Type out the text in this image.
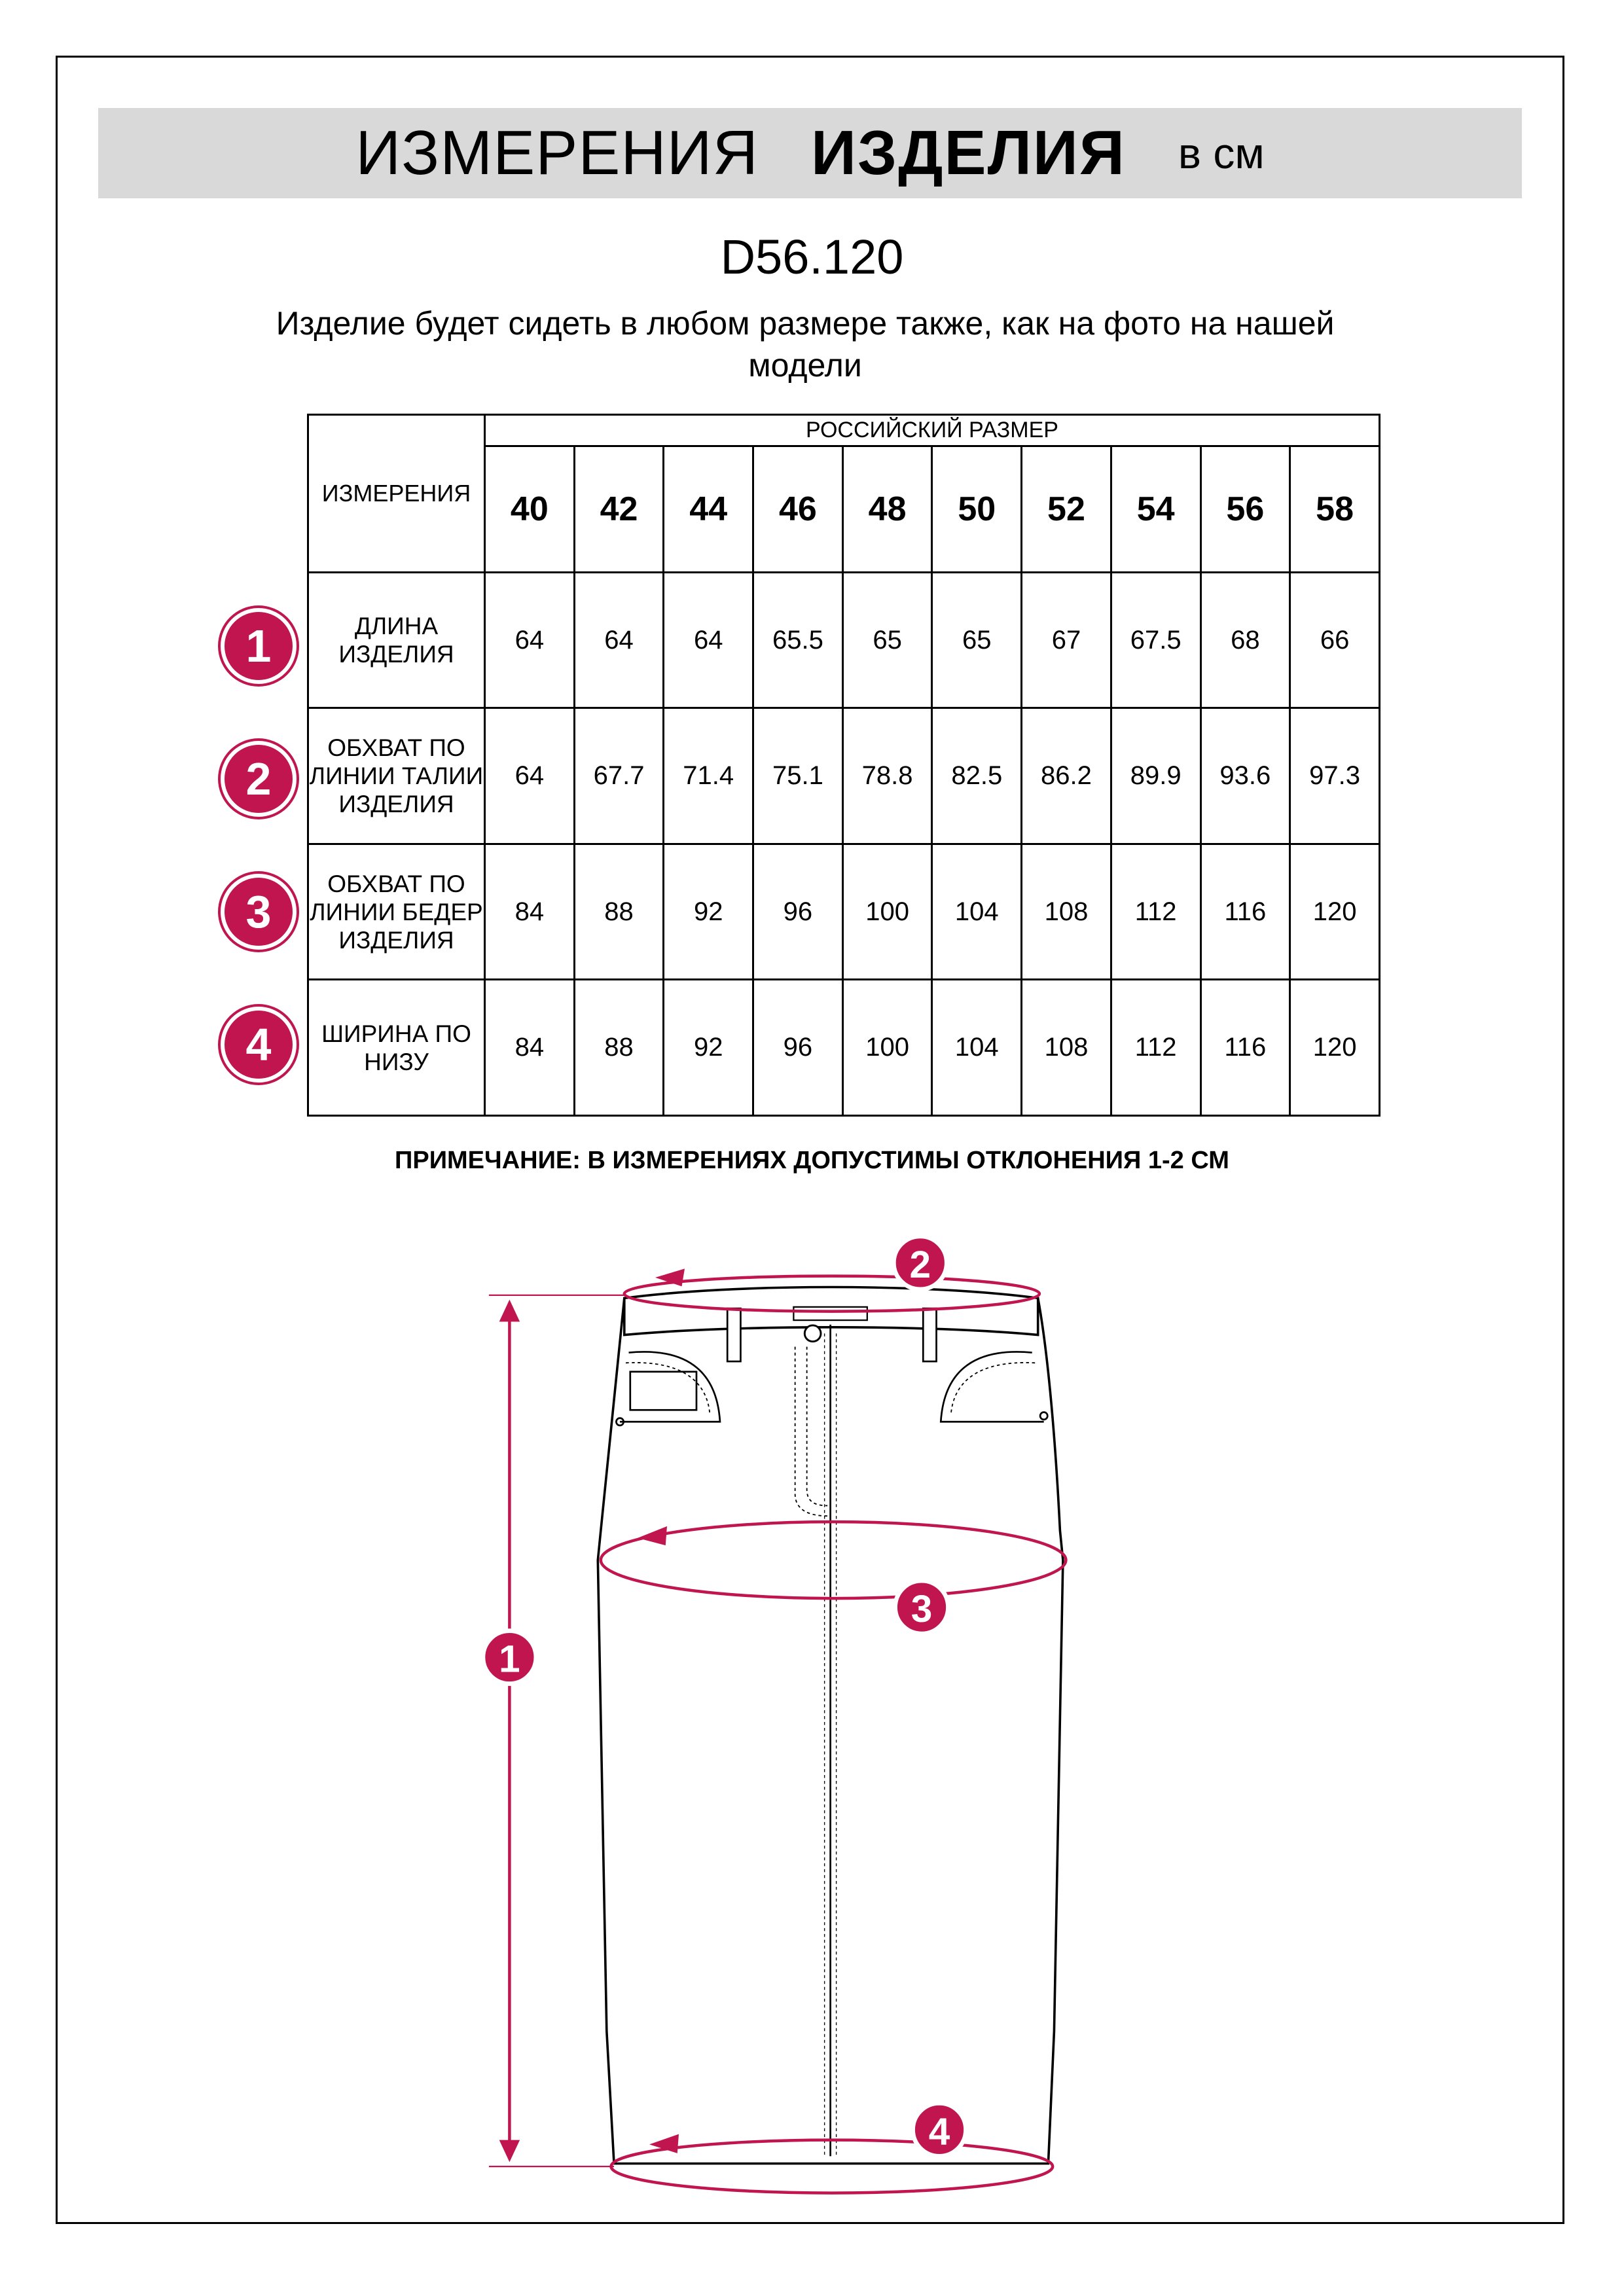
ИЗМЕРЕНИЯ ИЗДЕЛИЯ в см
D56.120
Изделие будет сидеть в любом размере также, как на фото на нашей модели
ИЗМЕРЕНИЯ	РОССИЙСКИЙ РАЗМЕР									
	40	42	44	46	48	50	52	54	56	58
ДЛИНА ИЗДЕЛИЯ	64	64	64	65.5	65	65	67	67.5	68	66
ОБХВАТ ПО ЛИНИИ ТАЛИИ ИЗДЕЛИЯ	64	67.7	71.4	75.1	78.8	82.5	86.2	89.9	93.6	97.3
ОБХВАТ ПО ЛИНИИ БЕДЕР ИЗДЕЛИЯ	84	88	92	96	100	104	108	112	116	120
ШИРИНА ПО НИЗУ	84	88	92	96	100	104	108	112	116	120
1
2
3
4
ПРИМЕЧАНИЕ: В ИЗМЕРЕНИЯХ ДОПУСТИМЫ ОТКЛОНЕНИЯ 1-2 СМ
1
2
3
4
